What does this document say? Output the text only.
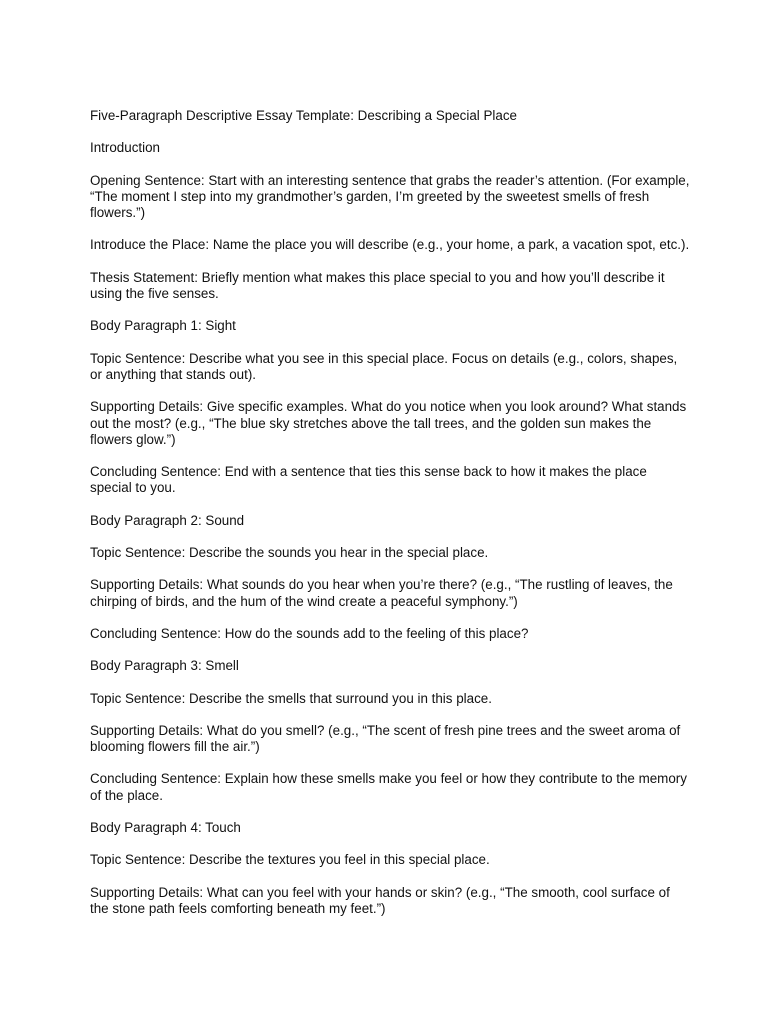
Five-Paragraph Descriptive Essay Template: Describing a Special Place

Introduction

Opening Sentence: Start with an interesting sentence that grabs the reader’s attention. (For example, “The moment I step into my grandmother’s garden, I’m greeted by the sweetest smells of fresh flowers.”)

Introduce the Place: Name the place you will describe (e.g., your home, a park, a vacation spot, etc.).

Thesis Statement: Briefly mention what makes this place special to you and how you’ll describe it using the five senses.

Body Paragraph 1: Sight

Topic Sentence: Describe what you see in this special place. Focus on details (e.g., colors, shapes, or anything that stands out).

Supporting Details: Give specific examples. What do you notice when you look around? What stands out the most? (e.g., “The blue sky stretches above the tall trees, and the golden sun makes the flowers glow.”)

Concluding Sentence: End with a sentence that ties this sense back to how it makes the place special to you.

Body Paragraph 2: Sound

Topic Sentence: Describe the sounds you hear in the special place.

Supporting Details: What sounds do you hear when you’re there? (e.g., “The rustling of leaves, the chirping of birds, and the hum of the wind create a peaceful symphony.”)

Concluding Sentence: How do the sounds add to the feeling of this place?

Body Paragraph 3: Smell

Topic Sentence: Describe the smells that surround you in this place.

Supporting Details: What do you smell? (e.g., “The scent of fresh pine trees and the sweet aroma of blooming flowers fill the air.”)

Concluding Sentence: Explain how these smells make you feel or how they contribute to the memory of the place.

Body Paragraph 4: Touch

Topic Sentence: Describe the textures you feel in this special place.

Supporting Details: What can you feel with your hands or skin? (e.g., “The smooth, cool surface of the stone path feels comforting beneath my feet.”)
